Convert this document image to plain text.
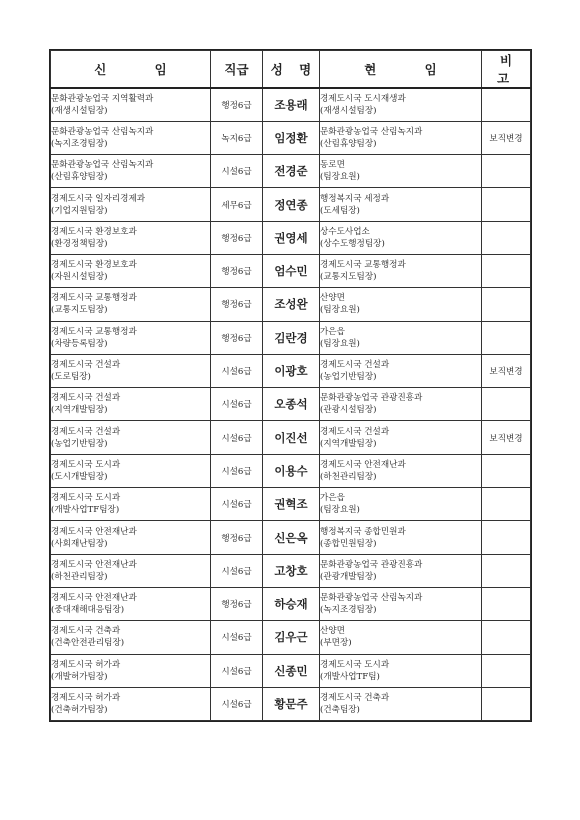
신 임	직급	성 명	현 임	비 고

문화관광농업국 지역활력과
(재생시설팀장)	행정6급	조용래	경제도시국 도시재생과
(재생시설팀장)	

문화관광농업국 산림녹지과
(녹지조경팀장)	녹지6급	임정환	문화관광농업국 산림녹지과
(산림휴양팀장)	보직변경

문화관광농업국 산림녹지과
(산림휴양팀장)	시설6급	전경준	동로면
(팀장요원)	

경제도시국 일자리경제과
(기업지원팀장)	세무6급	정연종	행정복지국 세정과
(도세팀장)	

경제도시국 환경보호과
(환경정책팀장)	행정6급	권영세	상수도사업소
(상수도행정팀장)	

경제도시국 환경보호과
(자원시설팀장)	행정6급	엄수민	경제도시국 교통행정과
(교통지도팀장)	

경제도시국 교통행정과
(교통지도팀장)	행정6급	조성완	산양면
(팀장요원)	

경제도시국 교통행정과
(차량등록팀장)	행정6급	김란경	가은읍
(팀장요원)	

경제도시국 건설과
(도로팀장)	시설6급	이광호	경제도시국 건설과
(농업기반팀장)	보직변경

경제도시국 건설과
(지역개발팀장)	시설6급	오종석	문화관광농업국 관광진흥과
(관광시설팀장)	

경제도시국 건설과
(농업기반팀장)	시설6급	이진선	경제도시국 건설과
(지역개발팀장)	보직변경

경제도시국 도시과
(도시개발팀장)	시설6급	이용수	경제도시국 안전재난과
(하천관리팀장)	

경제도시국 도시과
(개발사업TF팀장)	시설6급	권혁조	가은읍
(팀장요원)	

경제도시국 안전재난과
(사회재난팀장)	행정6급	신은옥	행정복지국 종합민원과
(종합민원팀장)	

경제도시국 안전재난과
(하천관리팀장)	시설6급	고창호	문화관광농업국 관광진흥과
(관광개발팀장)	

경제도시국 안전재난과
(중대재해대응팀장)	행정6급	하승재	문화관광농업국 산림녹지과
(녹지조경팀장)	

경제도시국 건축과
(건축안전관리팀장)	시설6급	김우근	산양면
(부면장)	

경제도시국 허가과
(개발허가팀장)	시설6급	신종민	경제도시국 도시과
(개발사업TF팀)	

경제도시국 허가과
(건축허가팀장)	시설6급	황문주	경제도시국 건축과
(건축팀장)	
